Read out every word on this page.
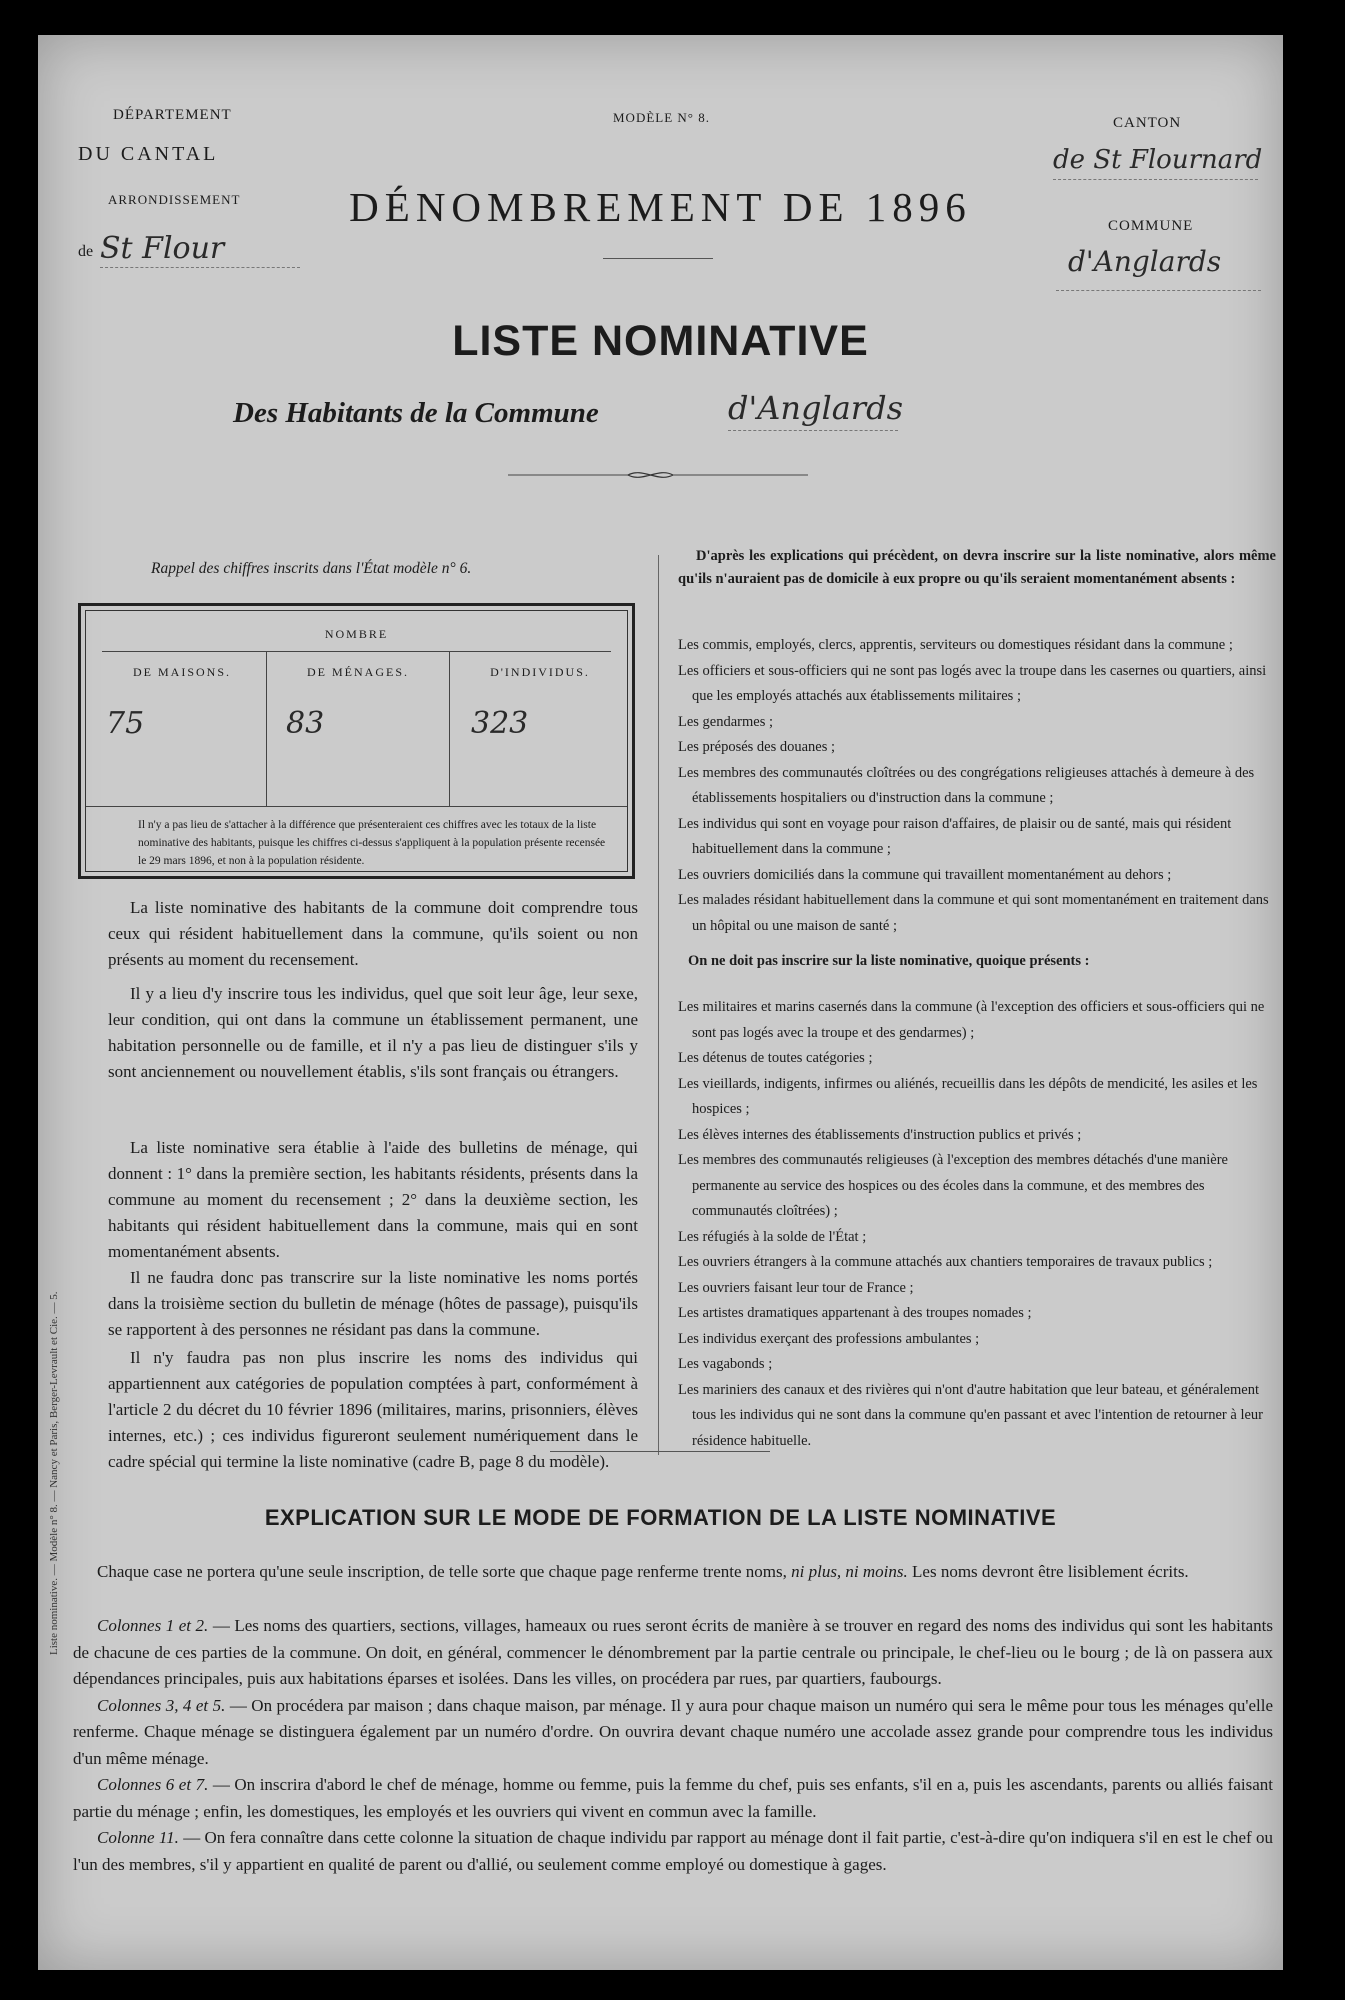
DÉPARTEMENT
DU CANTAL
ARRONDISSEMENT
de St Flour
MODÈLE N° 8.
DÉNOMBREMENT DE 1896
CANTON
de St Flournard
COMMUNE
d'Anglards
LISTE NOMINATIVE
Des Habitants de la Commune	d'Anglards
Rappel des chiffres inscrits dans l'État modèle n° 6.
NOMBRE
DE MAISONS.	DE MÉNAGES.	D'INDIVIDUS.
75	83	323
Il n'y a pas lieu de s'attacher à la différence que présenteraient ces chiffres avec les totaux de la liste nominative des habitants, puisque les chiffres ci-dessus s'appliquent à la population présente recensée le 29 mars 1896, et non à la population résidente.
La liste nominative des habitants de la commune doit comprendre tous ceux qui résident habituellement dans la commune, qu'ils soient ou non présents au moment du recensement.
Il y a lieu d'y inscrire tous les individus, quel que soit leur âge, leur sexe, leur condition, qui ont dans la commune un établissement permanent, une habitation personnelle ou de famille, et il n'y a pas lieu de distinguer s'ils y sont anciennement ou nouvellement établis, s'ils sont français ou étrangers.
La liste nominative sera établie à l'aide des bulletins de ménage, qui donnent : 1° dans la première section, les habitants résidents, présents dans la commune au moment du recensement ; 2° dans la deuxième section, les habitants qui résident habituellement dans la commune, mais qui en sont momentanément absents.
Il ne faudra donc pas transcrire sur la liste nominative les noms portés dans la troisième section du bulletin de ménage (hôtes de passage), puisqu'ils se rapportent à des personnes ne résidant pas dans la commune.
Il n'y faudra pas non plus inscrire les noms des individus qui appartiennent aux catégories de population comptées à part, conformément à l'article 2 du décret du 10 février 1896 (militaires, marins, prisonniers, élèves internes, etc.) ; ces individus figureront seulement numériquement dans le cadre spécial qui termine la liste nominative (cadre B, page 8 du modèle).
D'après les explications qui précèdent, on devra inscrire sur la liste nominative, alors même qu'ils n'auraient pas de domicile à eux propre ou qu'ils seraient momentanément absents :
Les commis, employés, clercs, apprentis, serviteurs ou domestiques résidant dans la commune ;
Les officiers et sous-officiers qui ne sont pas logés avec la troupe dans les casernes ou quartiers, ainsi que les employés attachés aux établissements militaires ;
Les gendarmes ;
Les préposés des douanes ;
Les membres des communautés cloîtrées ou des congrégations religieuses attachés à demeure à des établissements hospitaliers ou d'instruction dans la commune ;
Les individus qui sont en voyage pour raison d'affaires, de plaisir ou de santé, mais qui résident habituellement dans la commune ;
Les ouvriers domiciliés dans la commune qui travaillent momentanément au dehors ;
Les malades résidant habituellement dans la commune et qui sont momentanément en traitement dans un hôpital ou une maison de santé ;
On ne doit pas inscrire sur la liste nominative, quoique présents :
Les militaires et marins casernés dans la commune (à l'exception des officiers et sous-officiers qui ne sont pas logés avec la troupe et des gendarmes) ;
Les détenus de toutes catégories ;
Les vieillards, indigents, infirmes ou aliénés, recueillis dans les dépôts de mendicité, les asiles et les hospices ;
Les élèves internes des établissements d'instruction publics et privés ;
Les membres des communautés religieuses (à l'exception des membres détachés d'une manière permanente au service des hospices ou des écoles dans la commune, et des membres des communautés cloîtrées) ;
Les réfugiés à la solde de l'État ;
Les ouvriers étrangers à la commune attachés aux chantiers temporaires de travaux publics ;
Les ouvriers faisant leur tour de France ;
Les artistes dramatiques appartenant à des troupes nomades ;
Les individus exerçant des professions ambulantes ;
Les vagabonds ;
Les mariniers des canaux et des rivières qui n'ont d'autre habitation que leur bateau, et généralement tous les individus qui ne sont dans la commune qu'en passant et avec l'intention de retourner à leur résidence habituelle.
EXPLICATION SUR LE MODE DE FORMATION DE LA LISTE NOMINATIVE
Chaque case ne portera qu'une seule inscription, de telle sorte que chaque page renferme trente noms, ni plus, ni moins. Les noms devront être lisiblement écrits.
Colonnes 1 et 2. — Les noms des quartiers, sections, villages, hameaux ou rues seront écrits de manière à se trouver en regard des noms des individus qui sont les habitants de chacune de ces parties de la commune. On doit, en général, commencer le dénombrement par la partie centrale ou principale, le chef-lieu ou le bourg ; de là on passera aux dépendances principales, puis aux habitations éparses et isolées. Dans les villes, on procédera par rues, par quartiers, faubourgs.
Colonnes 3, 4 et 5. — On procédera par maison ; dans chaque maison, par ménage. Il y aura pour chaque maison un numéro qui sera le même pour tous les ménages qu'elle renferme. Chaque ménage se distinguera également par un numéro d'ordre. On ouvrira devant chaque numéro une accolade assez grande pour comprendre tous les individus d'un même ménage.
Colonnes 6 et 7. — On inscrira d'abord le chef de ménage, homme ou femme, puis la femme du chef, puis ses enfants, s'il en a, puis les ascendants, parents ou alliés faisant partie du ménage ; enfin, les domestiques, les employés et les ouvriers qui vivent en commun avec la famille.
Colonne 11. — On fera connaître dans cette colonne la situation de chaque individu par rapport au ménage dont il fait partie, c'est-à-dire qu'on indiquera s'il en est le chef ou l'un des membres, s'il y appartient en qualité de parent ou d'allié, ou seulement comme employé ou domestique à gages.
Liste nominative. — Modèle n° 8. — Nancy et Paris, Berger-Levrault et Cie. — 5.
